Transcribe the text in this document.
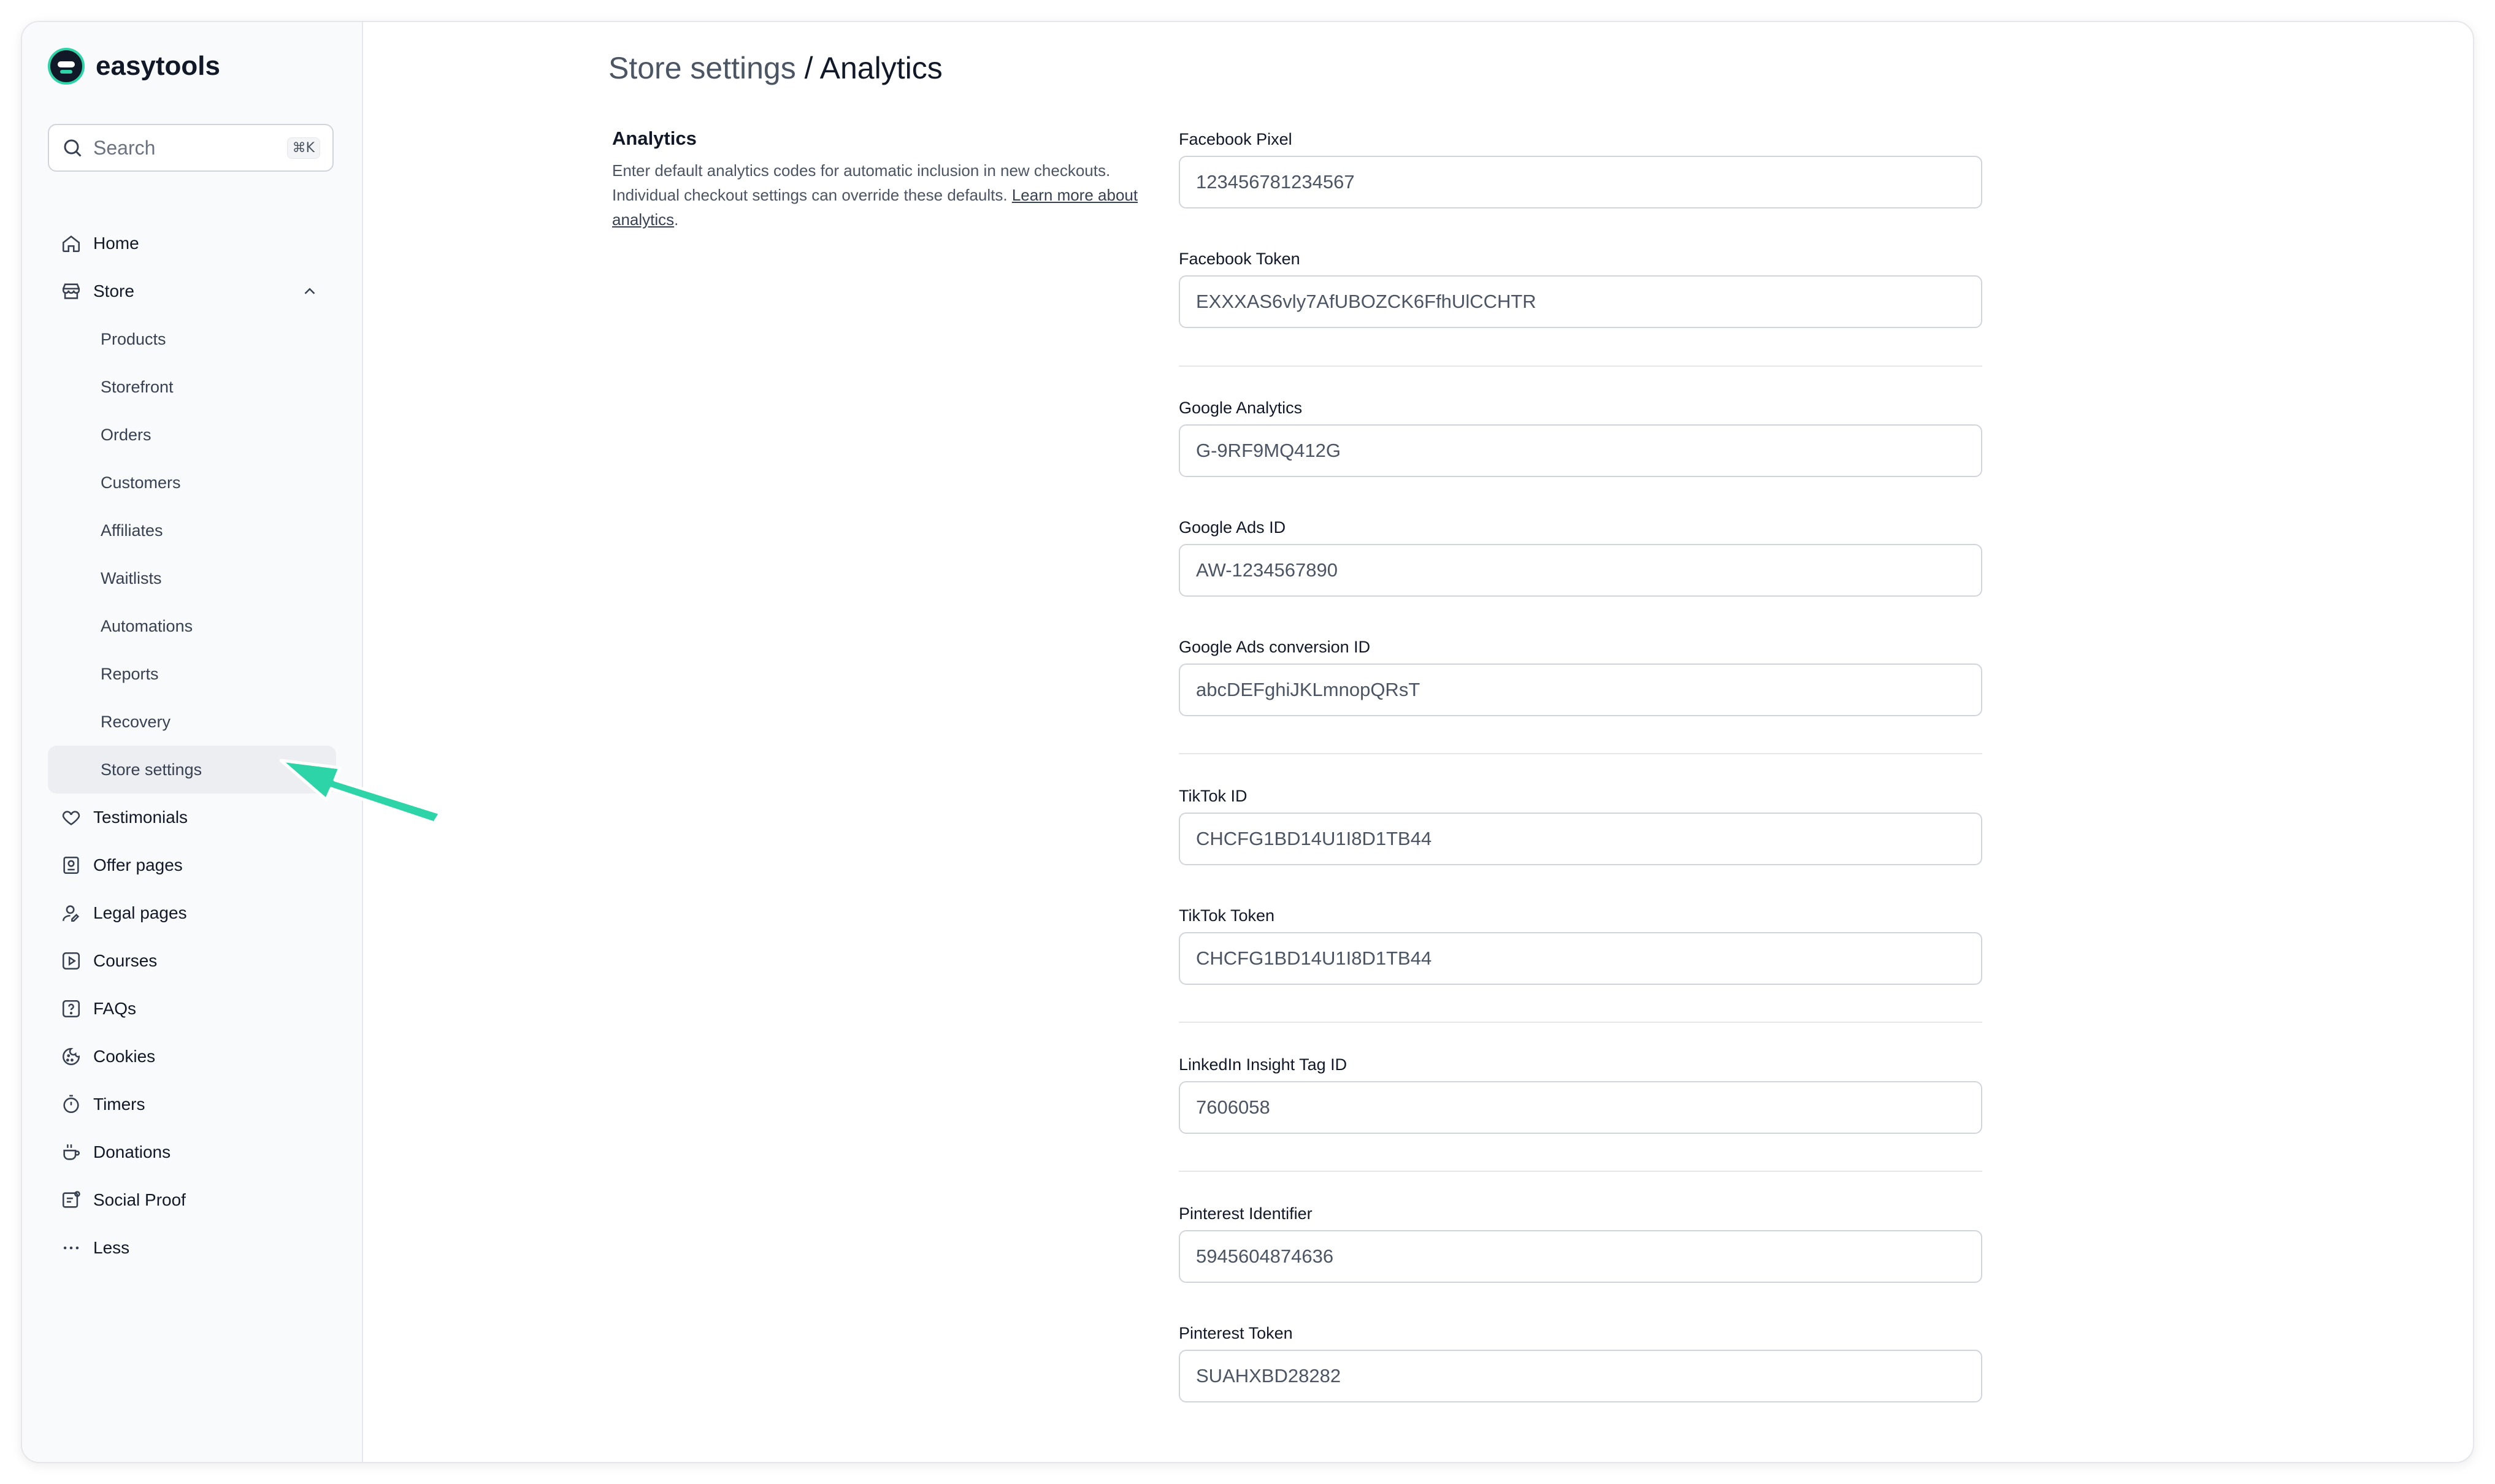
easytools
Search	⌘K
Home
Store
Products
Storefront
Orders
Customers
Affiliates
Waitlists
Automations
Reports
Recovery
Store settings
Testimonials
Offer pages
Legal pages
Courses
FAQs
Cookies
Timers
Donations
Social Proof
Less
Store settings / Analytics
Analytics
Enter default analytics codes for automatic inclusion in new checkouts. Individual checkout settings can override these defaults. Learn more about analytics.
Facebook Pixel
123456781234567
Facebook Token
EXXXAS6vly7AfUBOZCK6FfhUlCCHTR
Google Analytics
G-9RF9MQ412G
Google Ads ID
AW-1234567890
Google Ads conversion ID
abcDEFghiJKLmnopQRsT
TikTok ID
CHCFG1BD14U1I8D1TB44
TikTok Token
CHCFG1BD14U1I8D1TB44
LinkedIn Insight Tag ID
7606058
Pinterest Identifier
5945604874636
Pinterest Token
SUAHXBD28282
